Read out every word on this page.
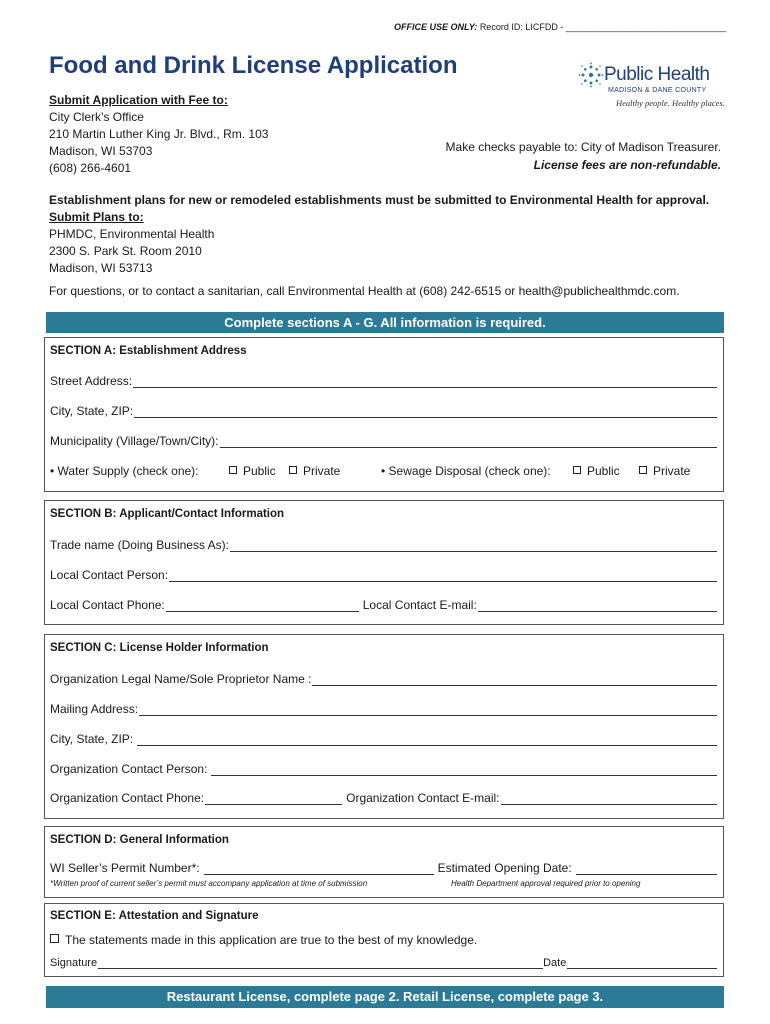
OFFICE USE ONLY: Record ID: LICFDD - ________________________________
Food and Drink License Application	Public Health
MADISON & DANE COUNTY
Healthy people. Healthy places.
Submit Application with Fee to:
City Clerk’s Office
210 Martin Luther King Jr. Blvd., Rm. 103
Madison, WI 53703
(608) 266-4601
Make checks payable to: City of Madison Treasurer.
License fees are non-refundable.
Establishment plans for new or remodeled establishments must be submitted to Environmental Health for approval.
Submit Plans to:
PHMDC, Environmental Health
2300 S. Park St. Room 2010
Madison, WI 53713
For questions, or to contact a sanitarian, call Environmental Health at (608) 242-6515 or health@publichealthmdc.com.
Complete sections A - G. All information is required.
SECTION A: Establishment Address
Street Address:
City, State, ZIP:
Municipality (Village/Town/City):
• Water Supply (check one):	Public	Private	• Sewage Disposal (check one):	Public	Private
SECTION B: Applicant/Contact Information
Trade name (Doing Business As):
Local Contact Person:
Local Contact Phone:	Local Contact E-mail:
SECTION C: License Holder Information
Organization Legal Name/Sole Proprietor Name :
Mailing Address:
City, State, ZIP:
Organization Contact Person:
Organization Contact Phone:	Organization Contact E-mail:
SECTION D: General Information
WI Seller’s Permit Number*:	Estimated Opening Date:
*Written proof of current seller’s permit must accompany application at time of submission	Health Department approval required prior to opening
SECTION E: Attestation and Signature
The statements made in this application are true to the best of my knowledge.
Signature	Date
Restaurant License, complete page 2. Retail License, complete page 3.
